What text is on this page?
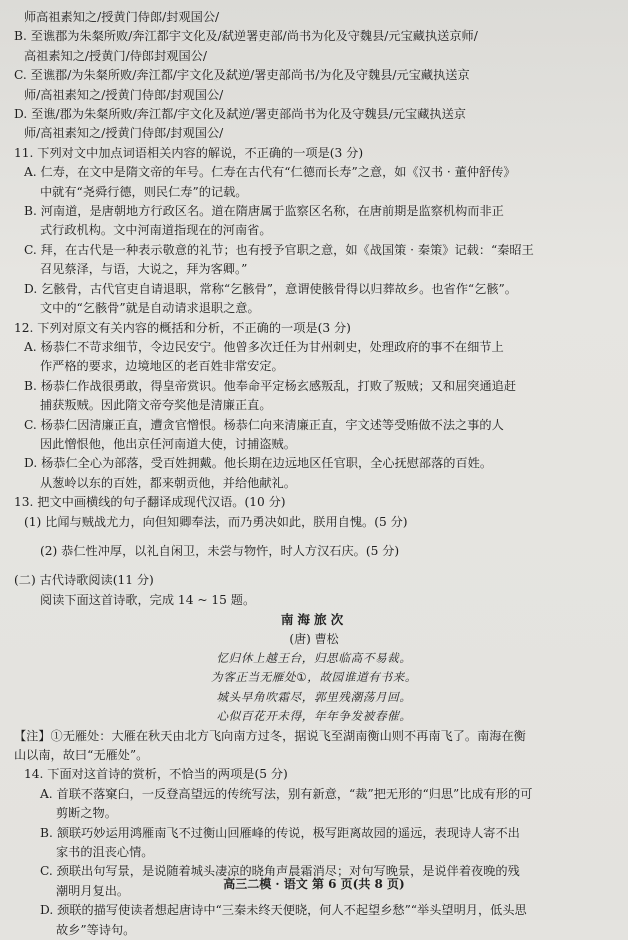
师高祖素知之/授黄门侍郎/封观国公/
B. 至谯郡为朱粲所败/奔江都宇文化及/弑逆署吏部/尚书为化及守魏县/元宝藏执送京师/
高祖素知之/授黄门/侍郎封观国公/
C. 至谯郡/为朱粲所败/奔江都/宇文化及弑逆/署吏部尚书/为化及守魏县/元宝藏执送京
师/高祖素知之/授黄门侍郎/封观国公/
D. 至谯/郡为朱粲所败/奔江都/宇文化及弑逆/署吏部尚书为化及守魏县/元宝藏执送京
师/高祖素知之/授黄门侍郎/封观国公/
11. 下列对文中加点词语相关内容的解说，不正确的一项是(3 分)
A. 仁寿，在文中是隋文帝的年号。仁寿在古代有“仁德而长寿”之意，如《汉书 · 董仲舒传》
中就有“尧舜行德，则民仁寿”的记载。
B. 河南道，是唐朝地方行政区名。道在隋唐属于监察区名称，在唐前期是监察机构而非正
式行政机构。文中河南道指现在的河南省。
C. 拜，在古代是一种表示敬意的礼节；也有授予官职之意，如《战国策 · 秦策》记载：“秦昭王
召见蔡泽，与语，大说之，拜为客卿。”
D. 乞骸骨，古代官吏自请退职，常称“乞骸骨”，意谓使骸骨得以归葬故乡。也省作“乞骸”。
文中的“乞骸骨”就是自动请求退职之意。
12. 下列对原文有关内容的概括和分析，不正确的一项是(3 分)
A. 杨恭仁不苛求细节，令边民安宁。他曾多次迁任为甘州刺史，处理政府的事不在细节上
作严格的要求，边境地区的老百姓非常安定。
B. 杨恭仁作战很勇敢，得皇帝赏识。他奉命平定杨玄感叛乱，打败了叛贼；又和屈突通追赶
捕获叛贼。因此隋文帝夸奖他是清廉正直。
C. 杨恭仁因清廉正直，遭贪官憎恨。杨恭仁向来清廉正直，宇文述等受贿做不法之事的人
因此憎恨他，他出京任河南道大使，讨捕盗贼。
D. 杨恭仁全心为部落，受百姓拥戴。他长期在边远地区任官职，全心抚慰部落的百姓。
从葱岭以东的百姓，都来朝贡他，并给他献礼。
13. 把文中画横线的句子翻译成现代汉语。(10 分)
(1) 比闻与贼战尤力，向但知卿奉法，而乃勇决如此，朕用自愧。(5 分)
(2) 恭仁性冲厚，以礼自闲卫，未尝与物忤，时人方汉石庆。(5 分)
(二) 古代诗歌阅读(11 分)
阅读下面这首诗歌，完成 14 ~ 15 题。
南海旅次
(唐) 曹松
忆归休上越王台，归思临高不易裁。
为客正当无雁处①，故园谁道有书来。
城头早角吹霜尽，郭里残潮荡月回。
心似百花开未得，年年争发被春催。
【注】①无雁处：大雁在秋天由北方飞向南方过冬，据说飞至湖南衡山则不再南飞了。南海在衡
山以南，故曰“无雁处”。
14. 下面对这首诗的赏析，不恰当的两项是(5 分)
A. 首联不落窠臼，一反登高望远的传统写法，别有新意，“裁”把无形的“归思”比成有形的可
剪断之物。
B. 颔联巧妙运用鸿雁南飞不过衡山回雁峰的传说，极写距离故园的遥远，表现诗人寄不出
家书的沮丧心情。
C. 颈联出句写景，是说随着城头凄凉的晓角声晨霜消尽；对句写晚景，是说伴着夜晚的残
潮明月复出。
D. 颈联的描写使读者想起唐诗中“三秦未终天便晓，何人不起望乡愁”“举头望明月，低头思
故乡”等诗句。
高三二模 · 语文 第 6 页(共 8 页)
